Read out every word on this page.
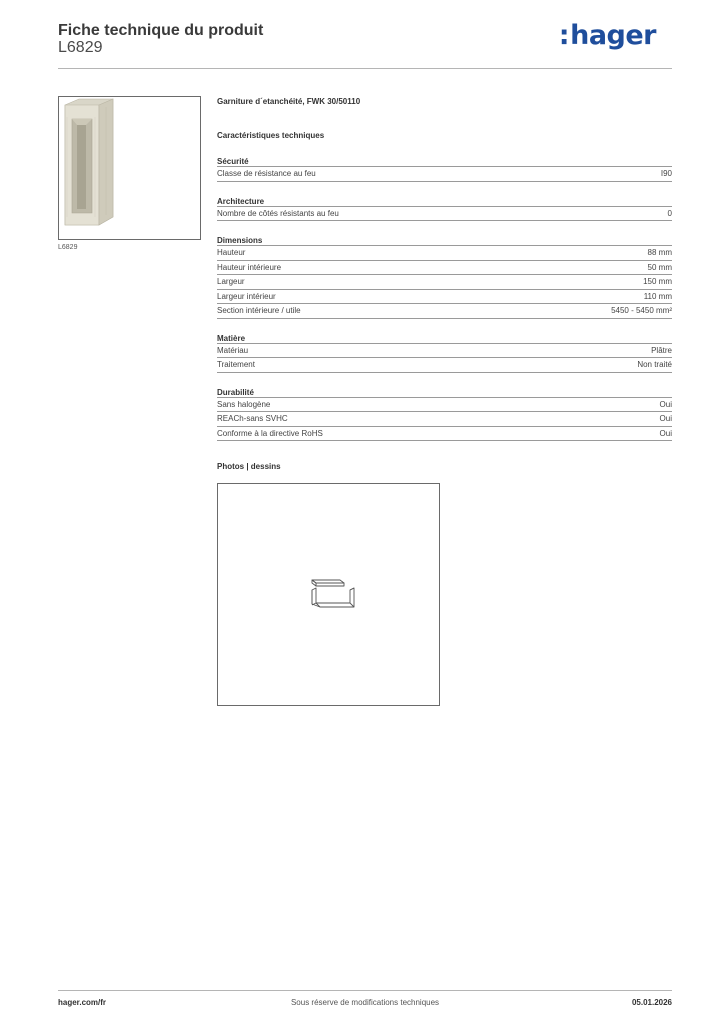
Fiche technique du produit
L6829	:hager
L6829
Garniture d´etanchéité, FWK 30/50110
Caractéristiques techniques
Sécurité
Classe de résistance au feu	I90
Architecture
Nombre de côtés résistants au feu	0
Dimensions
Hauteur	88 mm
Hauteur intérieure	50 mm
Largeur	150 mm
Largeur intérieur	110 mm
Section intérieure / utile	5450 - 5450 mm²
Matière
Matériau	Plâtre
Traitement	Non traité
Durabilité
Sans halogène	Oui
REACh-sans SVHC	Oui
Conforme à la directive RoHS	Oui
Photos | dessins
hager.com/fr	Sous réserve de modifications techniques	05.01.2026
